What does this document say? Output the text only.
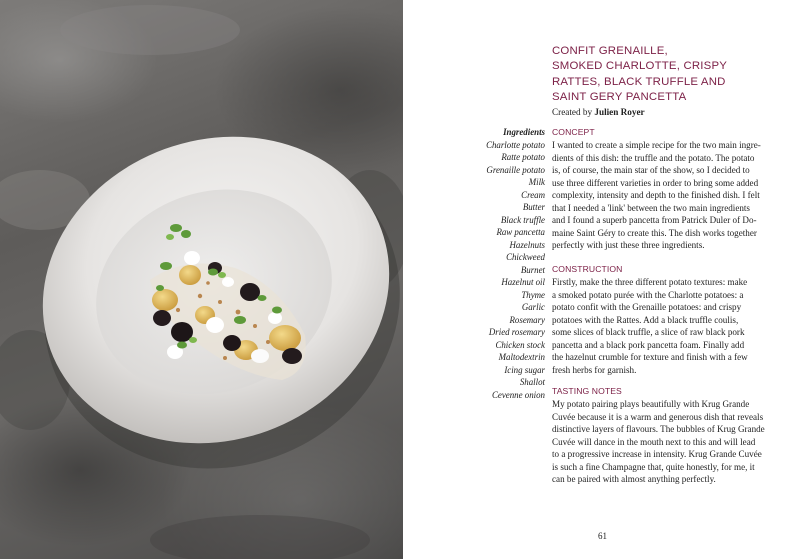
CONFIT GRENAILLE,
SMOKED CHARLOTTE, CRISPY
RATTES, BLACK TRUFFLE AND
SAINT GERY PANCETTA
Created by Julien Royer
Ingredients
Charlotte potato
Ratte potato
Grenaille potato
Milk
Cream
Butter
Black truffle
Raw pancetta
Hazelnuts
Chickweed
Burnet
Hazelnut oil
Thyme
Garlic
Rosemary
Dried rosemary
Chicken stock
Maltodextrin
Icing sugar
Shallot
Cevenne onion
CONCEPT
I wanted to create a simple recipe for the two main ingre-
dients of this dish: the truffle and the potato. The potato
is, of course, the main star of the show, so I decided to
use three different varieties in order to bring some added
complexity, intensity and depth to the finished dish. I felt
that I needed a 'link' between the two main ingredients
and I found a superb pancetta from Patrick Duler of Do-
maine Saint Géry to create this. The dish works together
perfectly with just these three ingredients.
CONSTRUCTION
Firstly, make the three different potato textures: make
a smoked potato purée with the Charlotte potatoes: a
potato confit with the Grenaille potatoes: and crispy
potatoes with the Rattes. Add a black truffle coulis,
some slices of black truffle, a slice of raw black pork
pancetta and a black pork pancetta foam. Finally add
the hazelnut crumble for texture and finish with a few
fresh herbs for garnish.
TASTING NOTES
My potato pairing plays beautifully with Krug Grande
Cuvée because it is a warm and generous dish that reveals
distinctive layers of flavours. The bubbles of Krug Grande
Cuvée will dance in the mouth next to this and will lead
to a progressive increase in intensity. Krug Grande Cuvée
is such a fine Champagne that, quite honestly, for me, it
can be paired with almost anything perfectly.
61
